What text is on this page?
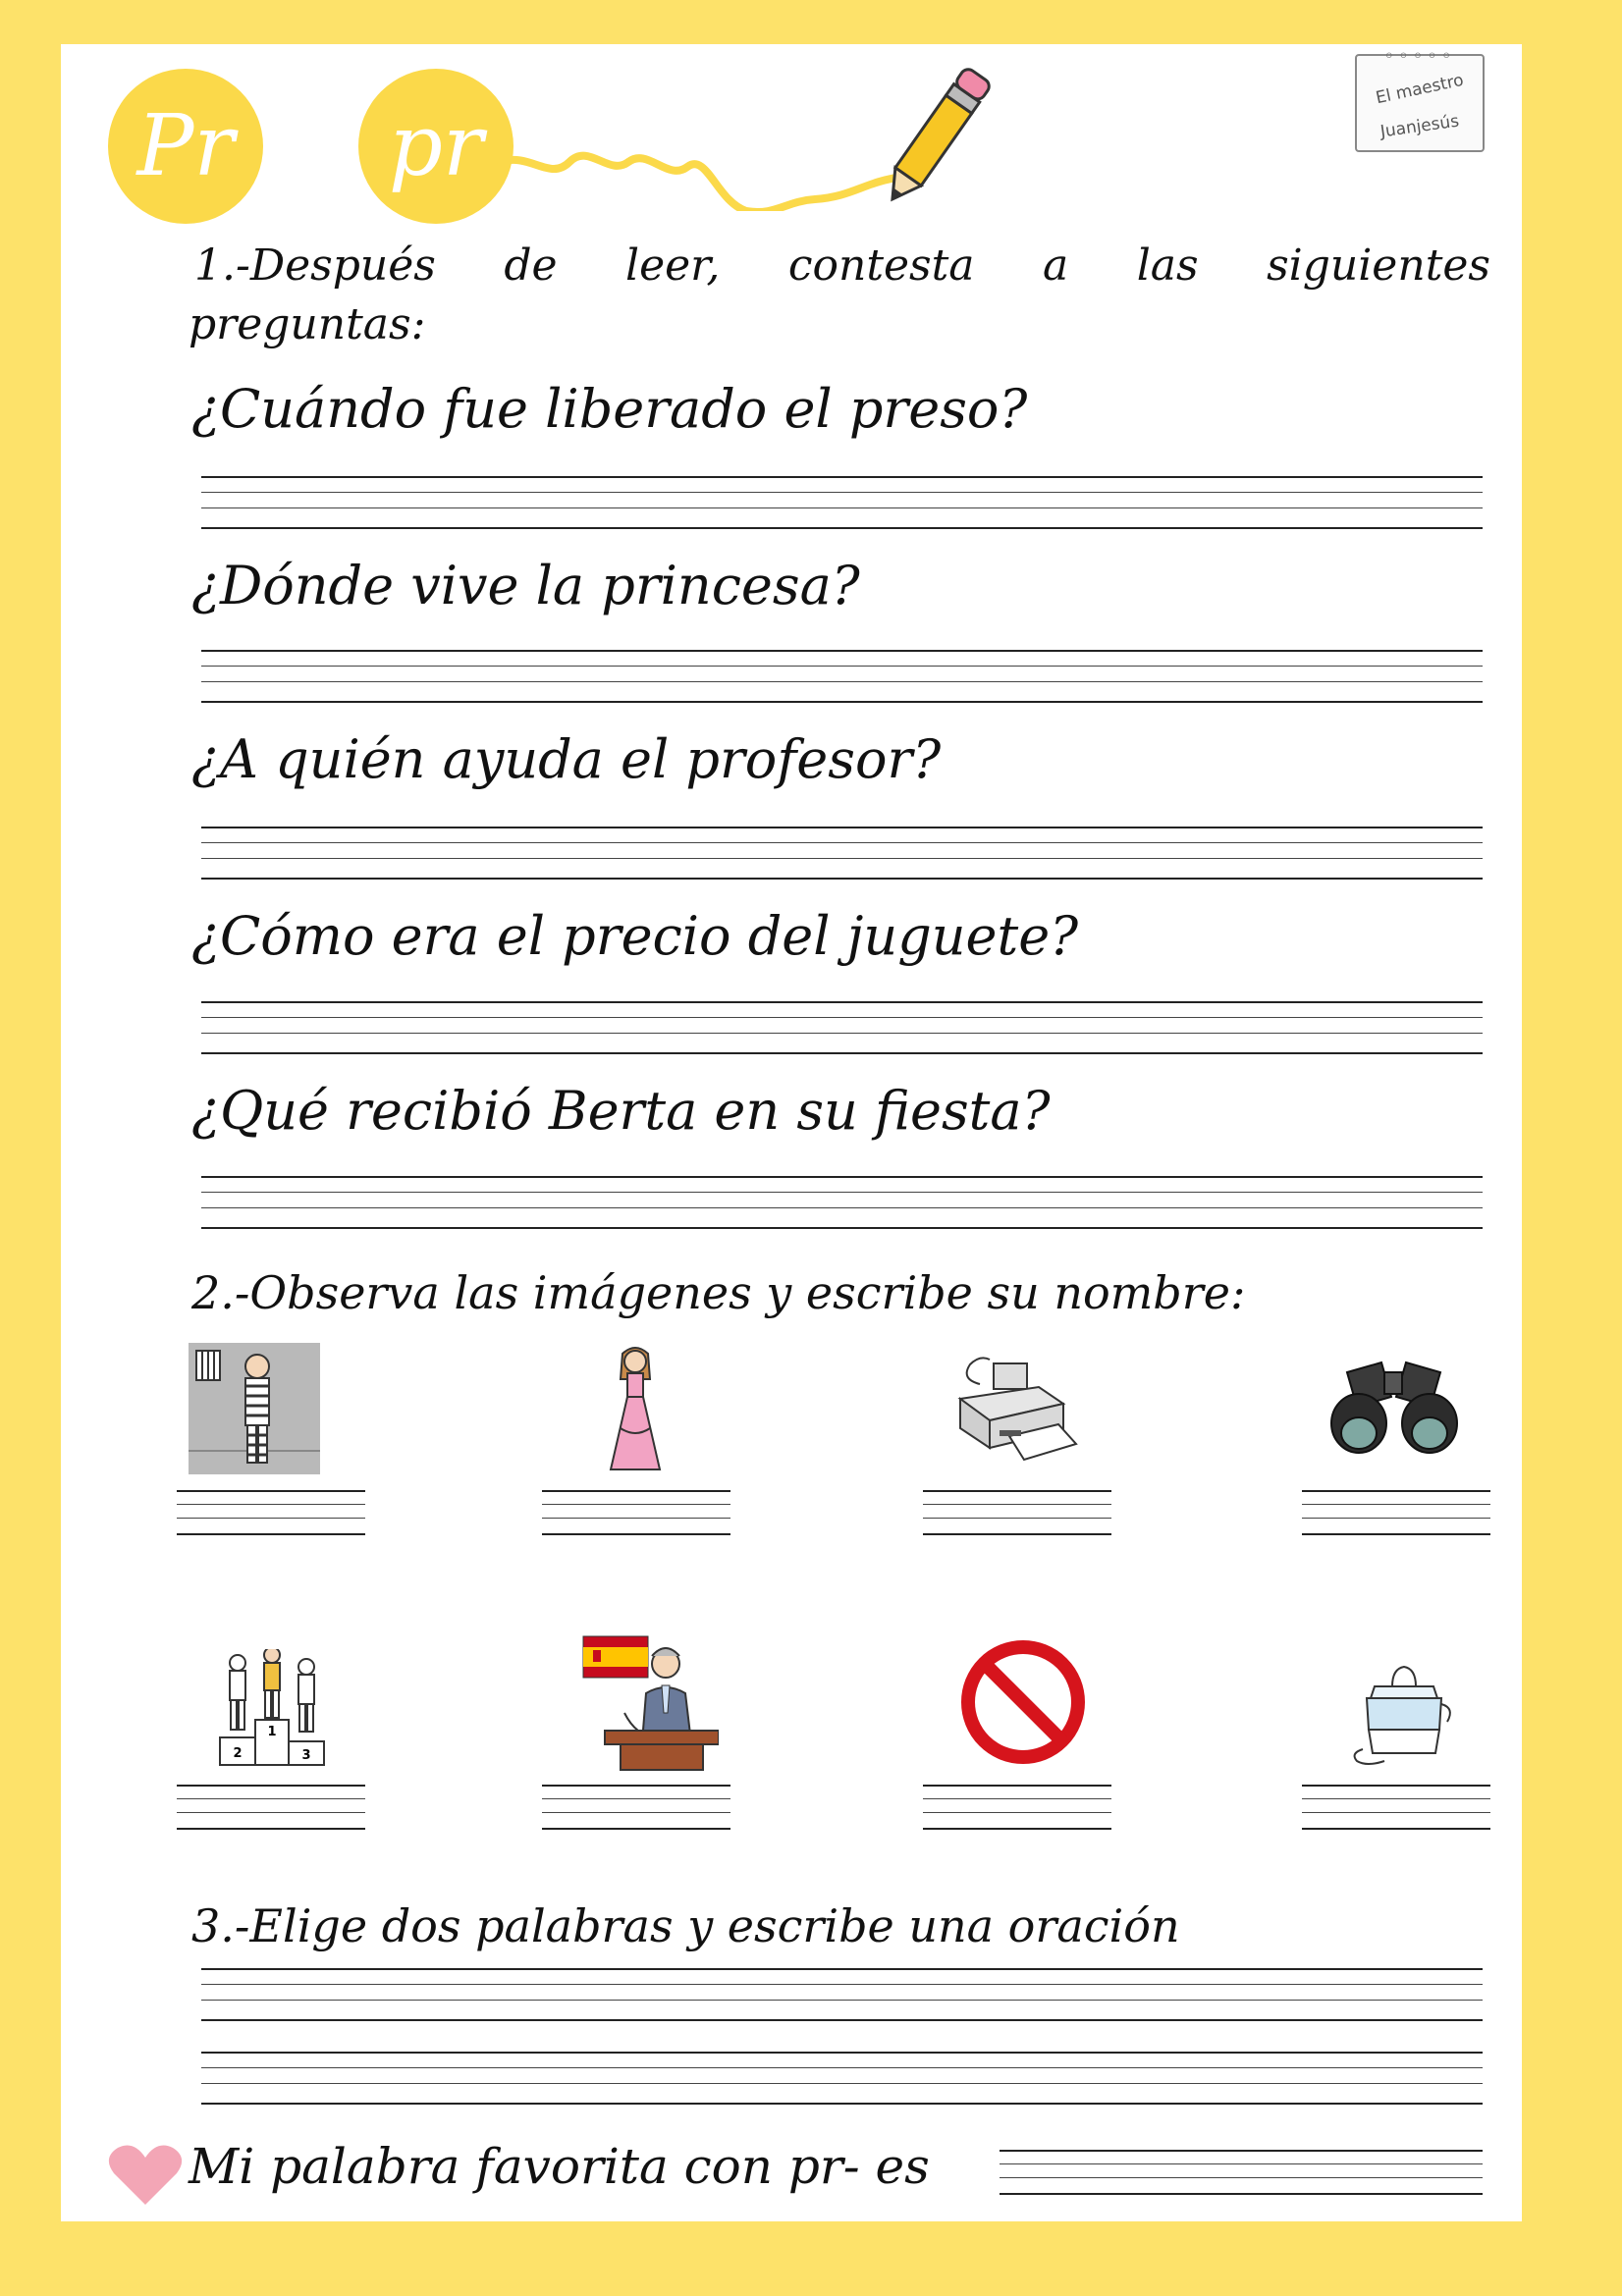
Pr	pr
◦◦◦◦◦
El maestro
Juanjesús
1.-Después de leer, contesta a las siguientes
preguntas:
¿Cuándo fue liberado el preso?
¿Dónde vive la princesa?
¿A quién ayuda el profesor?
¿Cómo era el precio del juguete?
¿Qué recibió Berta en su fiesta?
2.-Observa las imágenes y escribe su nombre:
2
1
3
3.-Elige dos palabras y escribe una oración
Mi palabra favorita con pr- es
